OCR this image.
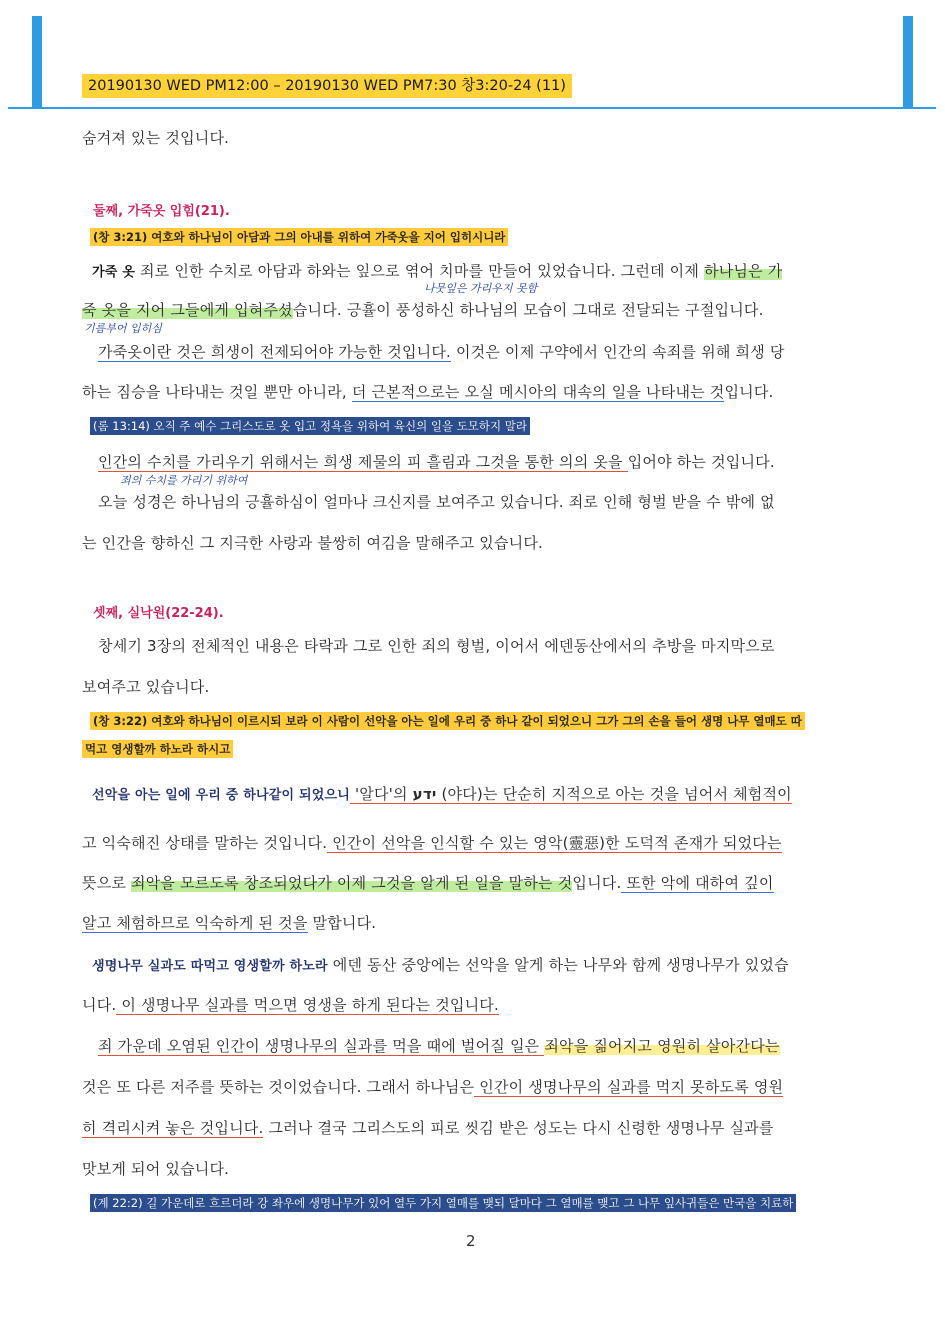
20190130 WED PM12:00 – 20190130 WED PM7:30 창3:20-24 (11)
숨겨져 있는 것입니다.
둘째, 가죽옷 입힘(21).
(창 3:21) 여호와 하나님이 아담과 그의 아내를 위하여 가죽옷을 지어 입히시니라
가죽 옷 죄로 인한 수치로 아담과 하와는 잎으로 엮어 치마를 만들어 있었습니다. 그런데 이제 하나님은 가
나뭇잎은 가리우지 못함
죽 옷을 지어 그들에게 입혀주셨습니다. 긍휼이 풍성하신 하나님의 모습이 그대로 전달되는 구절입니다.
기름부어 입히심
가죽옷이란 것은 희생이 전제되어야 가능한 것입니다. 이것은 이제 구약에서 인간의 속죄를 위해 희생 당
하는 짐승을 나타내는 것일 뿐만 아니라, 더 근본적으로는 오실 메시아의 대속의 일을 나타내는 것입니다.
(롬 13:14) 오직 주 예수 그리스도로 옷 입고 정욕을 위하여 육신의 일을 도모하지 말라
인간의 수치를 가리우기 위해서는 희생 제물의 피 흘림과 그것을 통한 의의 옷을 입어야 하는 것입니다.
죄의 수치를 가리기 위하여
오늘 성경은 하나님의 긍휼하심이 얼마나 크신지를 보여주고 있습니다. 죄로 인해 형벌 받을 수 밖에 없
는 인간을 향하신 그 지극한 사랑과 불쌍히 여김을 말해주고 있습니다.
셋째, 실낙원(22-24).
창세기 3장의 전체적인 내용은 타락과 그로 인한 죄의 형벌, 이어서 에덴동산에서의 추방을 마지막으로
보여주고 있습니다.
(창 3:22) 여호와 하나님이 이르시되 보라 이 사람이 선악을 아는 일에 우리 중 하나 같이 되었으니 그가 그의 손을 들어 생명 나무 열매도 따
먹고 영생할까 하노라 하시고
선악을 아는 일에 우리 중 하나같이 되었으니 '알다'의 ידע (야다)는 단순히 지적으로 아는 것을 넘어서 체험적이
고 익숙해진 상태를 말하는 것입니다. 인간이 선악을 인식할 수 있는 영악(靈惡)한 도덕적 존재가 되었다는
뜻으로 죄악을 모르도록 창조되었다가 이제 그것을 알게 된 일을 말하는 것입니다. 또한 악에 대하여 깊이
알고 체험하므로 익숙하게 된 것을 말합니다.
생명나무 실과도 따먹고 영생할까 하노라 에덴 동산 중앙에는 선악을 알게 하는 나무와 함께 생명나무가 있었습
니다. 이 생명나무 실과를 먹으면 영생을 하게 된다는 것입니다.
죄 가운데 오염된 인간이 생명나무의 실과를 먹을 때에 벌어질 일은 죄악을 짊어지고 영원히 살아간다는
것은 또 다른 저주를 뜻하는 것이었습니다. 그래서 하나님은 인간이 생명나무의 실과를 먹지 못하도록 영원
히 격리시켜 놓은 것입니다. 그러나 결국 그리스도의 피로 씻김 받은 성도는 다시 신령한 생명나무 실과를
맛보게 되어 있습니다.
(계 22:2) 길 가운데로 흐르더라 강 좌우에 생명나무가 있어 열두 가지 열매를 맺되 달마다 그 열매를 맺고 그 나무 잎사귀들은 만국을 치료하
2
